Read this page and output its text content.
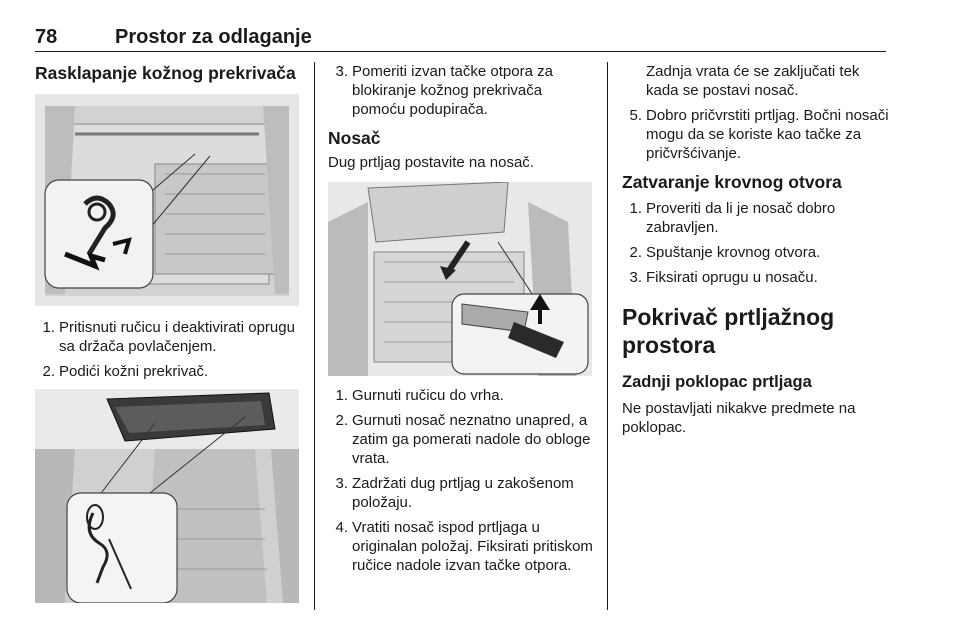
78	Prostor za odlaganje
Rasklapanje kožnog prekrivača
1. Pritisnuti ručicu i deaktivirati oprugu sa držača povlačenjem.
2. Podići kožni prekrivač.
3. Pomeriti izvan tačke otpora za blokiranje kožnog prekrivača pomoću podupirača.
Nosač

Dug prtljag postavite na nosač.

1. Gurnuti ručicu do vrha.
2. Gurnuti nosač neznatno unapred, a zatim ga pomerati nadole do obloge vrata.
3. Zadržati dug prtljag u zakošenom položaju.
4. Vratiti nosač ispod prtljaga u originalan položaj. Fiksirati pritiskom ručice nadole izvan tačke otpora.

Zadnja vrata će se zaključati tek kada se postavi nosač.

5. Dobro pričvrstiti prtljag. Bočni nosači mogu da se koriste kao tačke za pričvršćivanje.
Zatvaranje krovnog otvora
1. Proveriti da li je nosač dobro zabravljen.
2. Spuštanje krovnog otvora.
3. Fiksirati oprugu u nosaču.
Pokrivač prtljažnog prostora
Zadnji poklopac prtljaga

Ne postavljati nikakve predmete na poklopac.
